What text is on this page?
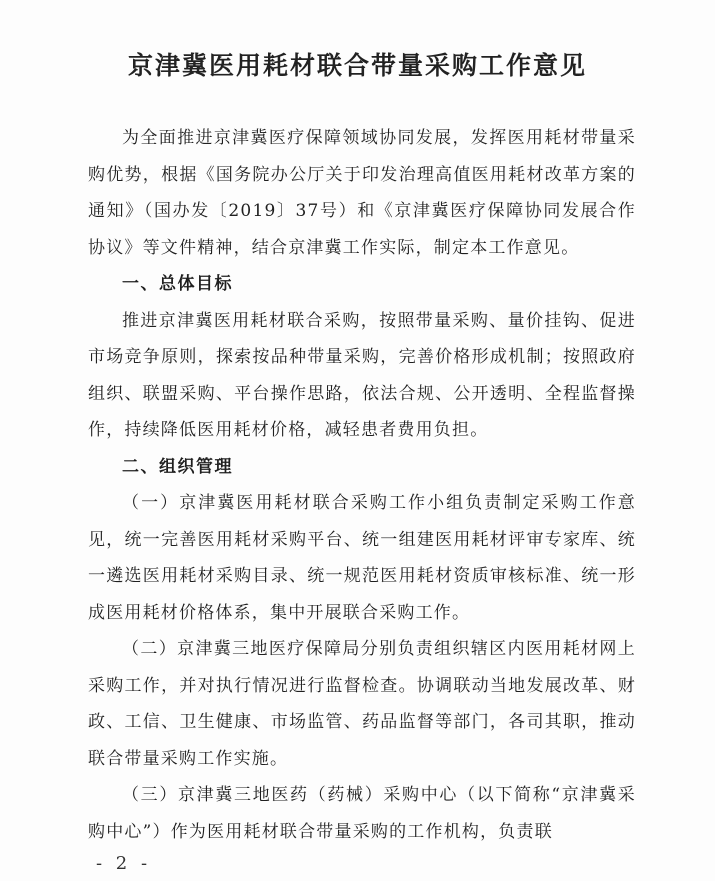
京津冀医用耗材联合带量采购工作意见

为全面推进京津冀医疗保障领域协同发展，发挥医用耗材带量采购优势，根据《国务院办公厅关于印发治理高值医用耗材改革方案的通知》（国办发〔2019〕37号）和《京津冀医疗保障协同发展合作协议》等文件精神，结合京津冀工作实际，制定本工作意见。

一、总体目标

推进京津冀医用耗材联合采购，按照带量采购、量价挂钩、促进市场竞争原则，探索按品种带量采购，完善价格形成机制；按照政府组织、联盟采购、平台操作思路，依法合规、公开透明、全程监督操作，持续降低医用耗材价格，减轻患者费用负担。

二、组织管理

（一）京津冀医用耗材联合采购工作小组负责制定采购工作意见，统一完善医用耗材采购平台、统一组建医用耗材评审专家库、统一遴选医用耗材采购目录、统一规范医用耗材资质审核标准、统一形成医用耗材价格体系，集中开展联合采购工作。

（二）京津冀三地医疗保障局分别负责组织辖区内医用耗材网上采购工作，并对执行情况进行监督检查。协调联动当地发展改革、财政、工信、卫生健康、市场监管、药品监督等部门，各司其职，推动联合带量采购工作实施。

（三）京津冀三地医药（药械）采购中心（以下简称“京津冀采购中心”）作为医用耗材联合带量采购的工作机构，负责联

- 2 -
